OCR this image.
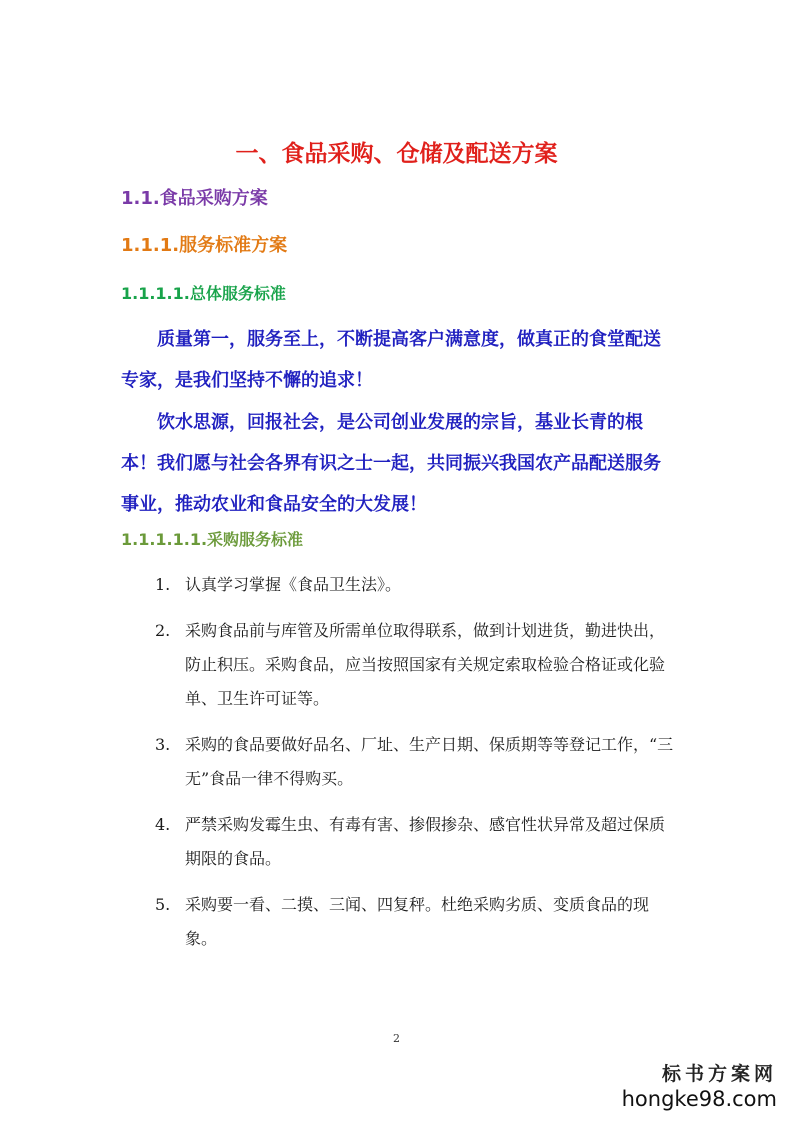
一、食品采购、仓储及配送方案
1.1.食品采购方案
1.1.1.服务标准方案
1.1.1.1.总体服务标准

质量第一，服务至上，不断提高客户满意度，做真正的食堂配送专家，是我们坚持不懈的追求！

饮水思源，回报社会，是公司创业发展的宗旨，基业长青的根本！我们愿与社会各界有识之士一起，共同振兴我国农产品配送服务事业，推动农业和食品安全的大发展！

1.1.1.1.1.采购服务标准
1. 认真学习掌握《食品卫生法》。
2. 采购食品前与库管及所需单位取得联系，做到计划进货，勤进快出，防止积压。采购食品，应当按照国家有关规定索取检验合格证或化验单、卫生许可证等。
3. 采购的食品要做好品名、厂址、生产日期、保质期等等登记工作，“三无”食品一律不得购买。
4. 严禁采购发霉生虫、有毒有害、掺假掺杂、感官性状异常及超过保质期限的食品。
5. 采购要一看、二摸、三闻、四复秤。杜绝采购劣质、变质食品的现象。
2
标书方案网
hongke98.com
